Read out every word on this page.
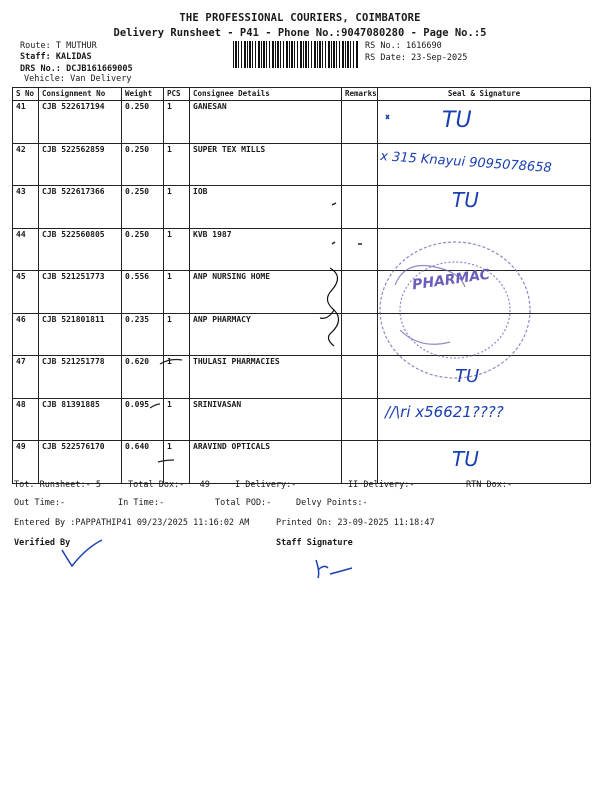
THE PROFESSIONAL COURIERS, COIMBATORE
Delivery Runsheet - P41 - Phone No.:9047080280 - Page No.:5
Route: T MUTHUR
Staff: KALIDAS
DRS No.: DCJB161669005
Vehicle: Van Delivery
RS No.: 1616690
RS Date: 23-Sep-2025
S No	Consignment No	Weight	PCS	Consignee Details	Remarks	Seal & Signature
41	CJB 522617194	0.250	1	GANESAN		
42	CJB 522562859	0.250	1	SUPER TEX MILLS		
43	CJB 522617366	0.250	1	IOB		
44	CJB 522560805	0.250	1	KVB 1987		
45	CJB 521251773	0.556	1	ANP NURSING HOME		
46	CJB 521801811	0.235	1	ANP PHARMACY		
47	CJB 521251778	0.620	1	THULASI PHARMACIES		
48	CJB 81391885	0.095	1	SRINIVASAN		
49	CJB 522576170	0.640	1	ARAVIND OPTICALS		
TU
x 315 Knayui 9095078658
TU
PHARMAC
TU
//\ri x56621????
TU
Tot. Runsheet:- 5	Total Dox:-   49	I Delivery:-	II Delivery:-	RTN Dox:-
Out Time:-	In Time:-	Total POD:-	Delvy Points:-
Entered By :PAPPATHIP41 09/23/2025 11:16:02 AM	Printed On: 23-09-2025 11:18:47
Verified By	Staff Signature
